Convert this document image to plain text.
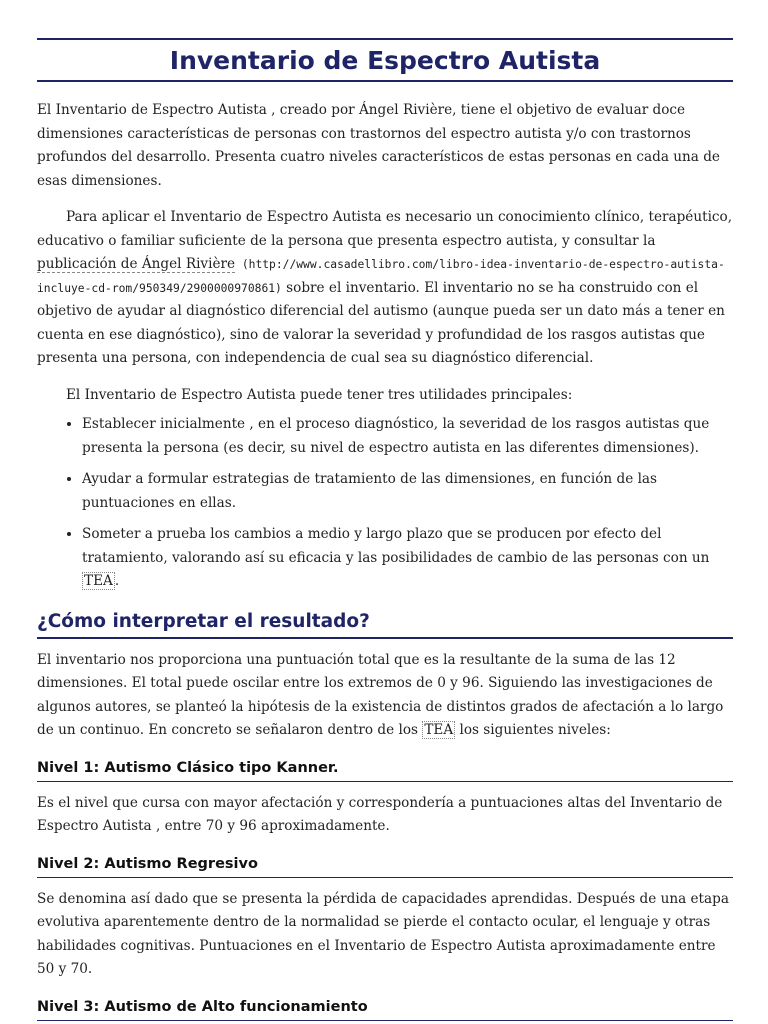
Inventario de Espectro Autista

El Inventario de Espectro Autista , creado por Ángel Rivière, tiene el objetivo de evaluar doce dimensiones características de personas con trastornos del espectro autista y/o con trastornos profundos del desarrollo. Presenta cuatro niveles característicos de estas personas en cada una de esas dimensiones.

Para aplicar el Inventario de Espectro Autista es necesario un conocimiento clínico, terapéutico, educativo o familiar suficiente de la persona que presenta espectro autista, y consultar la publicación de Ángel Rivière (http://www.casadellibro.com/libro-idea-inventario-de-espectro-autista-incluye-cd-rom/950349/2900000970861) sobre el inventario. El inventario no se ha construido con el objetivo de ayudar al diagnóstico diferencial del autismo (aunque pueda ser un dato más a tener en cuenta en ese diagnóstico), sino de valorar la severidad y profundidad de los rasgos autistas que presenta una persona, con independencia de cual sea su diagnóstico diferencial.

El Inventario de Espectro Autista puede tener tres utilidades principales:

• Establecer inicialmente , en el proceso diagnóstico, la severidad de los rasgos autistas que presenta la persona (es decir, su nivel de espectro autista en las diferentes dimensiones).
• Ayudar a formular estrategias de tratamiento de las dimensiones, en función de las puntuaciones en ellas.
• Someter a prueba los cambios a medio y largo plazo que se producen por efecto del tratamiento, valorando así su eficacia y las posibilidades de cambio de las personas con un TEA .
¿Cómo interpretar el resultado?

El inventario nos proporciona una puntuación total que es la resultante de la suma de las 12 dimensiones. El total puede oscilar entre los extremos de 0 y 96. Siguiendo las investigaciones de algunos autores, se planteó la hipótesis de la existencia de distintos grados de afectación a lo largo de un continuo. En concreto se señalaron dentro de los TEA los siguientes niveles:

Nivel 1: Autismo Clásico tipo Kanner.

Es el nivel que cursa con mayor afectación y correspondería a puntuaciones altas del Inventario de Espectro Autista , entre 70 y 96 aproximadamente.

Nivel 2: Autismo Regresivo

Se denomina así dado que se presenta la pérdida de capacidades aprendidas. Después de una etapa evolutiva aparentemente dentro de la normalidad se pierde el contacto ocular, el lenguaje y otras habilidades cognitivas. Puntuaciones en el Inventario de Espectro Autista aproximadamente entre 50 y 70.

Nivel 3: Autismo de Alto funcionamiento
